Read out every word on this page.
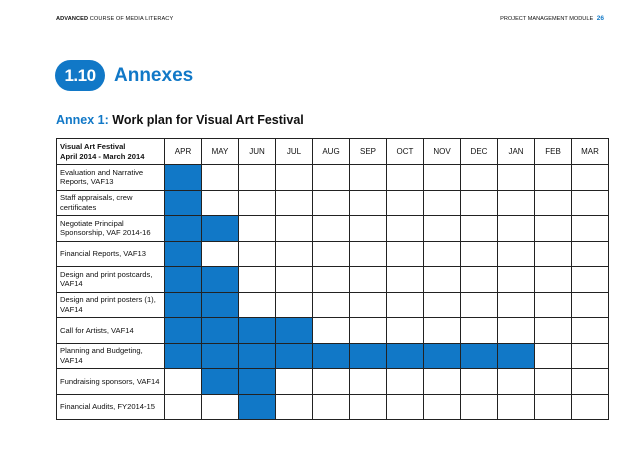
ADVANCED COURSE OF MEDIA LITERACY	PROJECT MANAGEMENT MODULE 26
1.10 Annexes
Annex 1: Work plan for Visual Art Festival
Visual Art Festival
April 2014 - March 2014	APR	MAY	JUN	JUL	AUG	SEP	OCT	NOV	DEC	JAN	FEB	MAR
Evaluation and Narrative Reports, VAF13												
Staff appraisals, crew certificates												
Negotiate Principal Sponsorship, VAF 2014-16												
Financial Reports, VAF13												
Design and print postcards, VAF14												
Design and print posters (1), VAF14												
Call for Artists, VAF14												
Planning and Budgeting, VAF14												
Fundraising sponsors, VAF14												
Financial Audits, FY2014-15												
